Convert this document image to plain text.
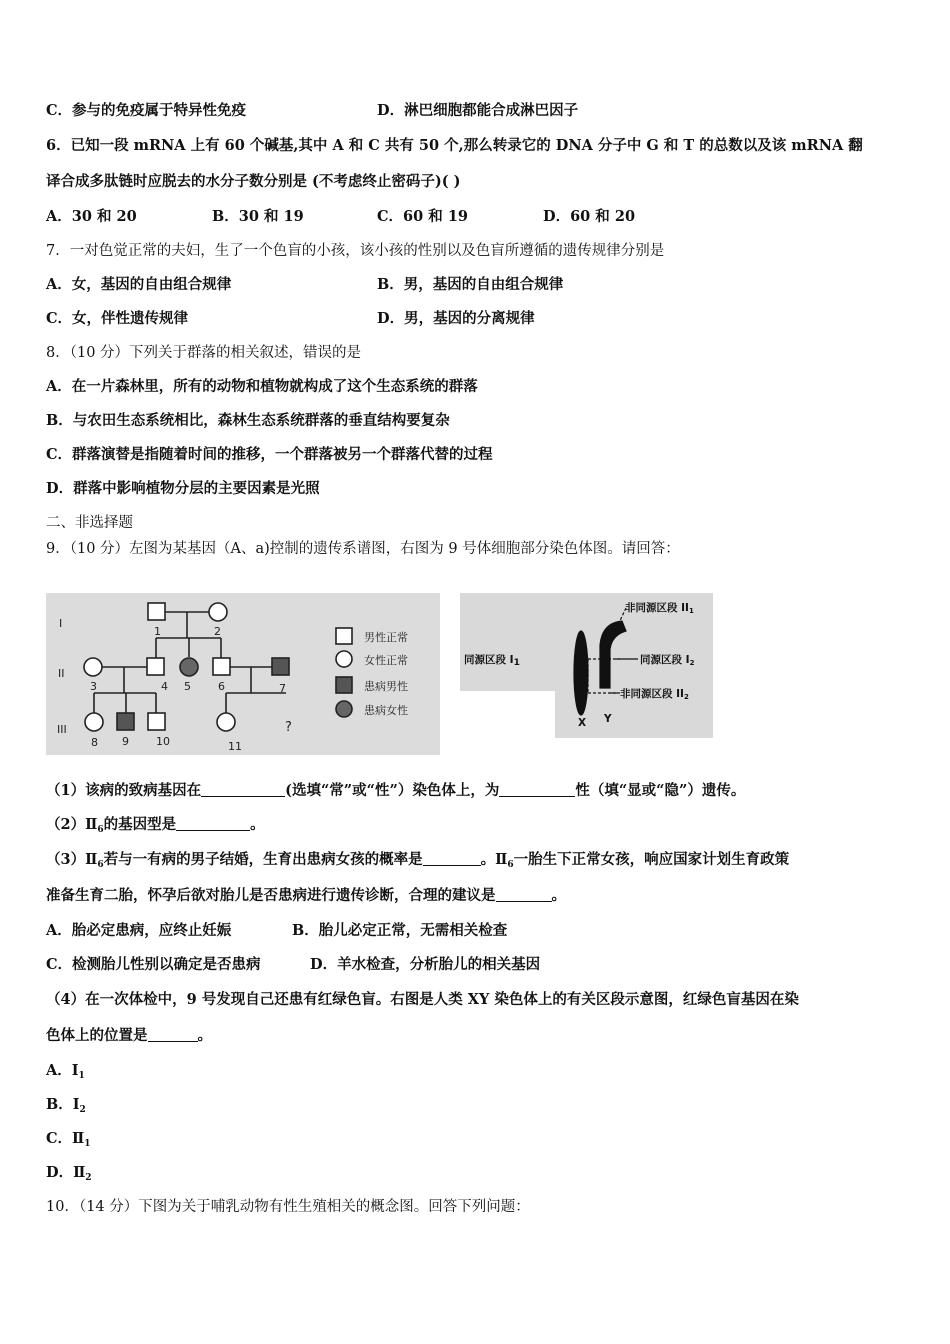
C．参与的免疫属于特异性免疫	D．淋巴细胞都能合成淋巴因子
6．已知一段 mRNA 上有 60 个碱基,其中 A 和 C 共有 50 个,那么转录它的 DNA 分子中 G 和 T 的总数以及该 mRNA 翻
译合成多肽链时应脱去的水分子数分别是 (不考虑终止密码子)( )
A．30 和 20	B．30 和 19	C．60 和 19	D．60 和 20
7．一对色觉正常的夫妇，生了一个色盲的小孩，该小孩的性别以及色盲所遵循的遗传规律分别是
A．女，基因的自由组合规律	B．男，基因的自由组合规律
C．女，伴性遗传规律	D．男，基因的分离规律
8．（10 分）下列关于群落的相关叙述，错误的是
A．在一片森林里，所有的动物和植物就构成了这个生态系统的群落
B．与农田生态系统相比，森林生态系统群落的垂直结构要复杂
C．群落演替是指随着时间的推移，一个群落被另一个群落代替的过程
D．群落中影响植物分层的主要因素是光照
二、非选择题
9．（10 分）左图为某基因（A、a)控制的遗传系谱图，右图为 9 号体细胞部分染色体图。请回答：
I
II
III
1	2
3	4 5 6	7
8 9 10	11
?
男性正常
女性正常
患病男性
患病女性
同源区段 I1
非同源区段 II1
同源区段 I2
非同源区段 II2
X Y
（1）该病的致病基因在	(选填“常”或“性”）染色体上，为	性（填“显或“隐”）遗传。
$(2)Ⅱ_6$的基因型是	。
$(3)Ⅱ_6$若与一有病的男子结婚，生育出患病女孩的概率是	。$Ⅱ_6$一胎生下正常女孩，响应国家计划生育政策
准备生育二胎，怀孕后欲对胎儿是否患病进行遗传诊断，合理的建议是	。
A．胎必定患病，应终止妊娠	B．胎儿必定正常，无需相关检查
C．检测胎儿性别以确定是否患病	D．羊水检查，分析胎儿的相关基因
（4）在一次体检中，9 号发现自己还患有红绿色盲。右图是人类 XY 染色体上的有关区段示意图，红绿色盲基因在染
色体上的位置是	。
A．$I_1$
B．$I_2$
C．$Ⅱ_1$
D．$Ⅱ_2$
10．（14 分）下图为关于哺乳动物有性生殖相关的概念图。回答下列问题：
